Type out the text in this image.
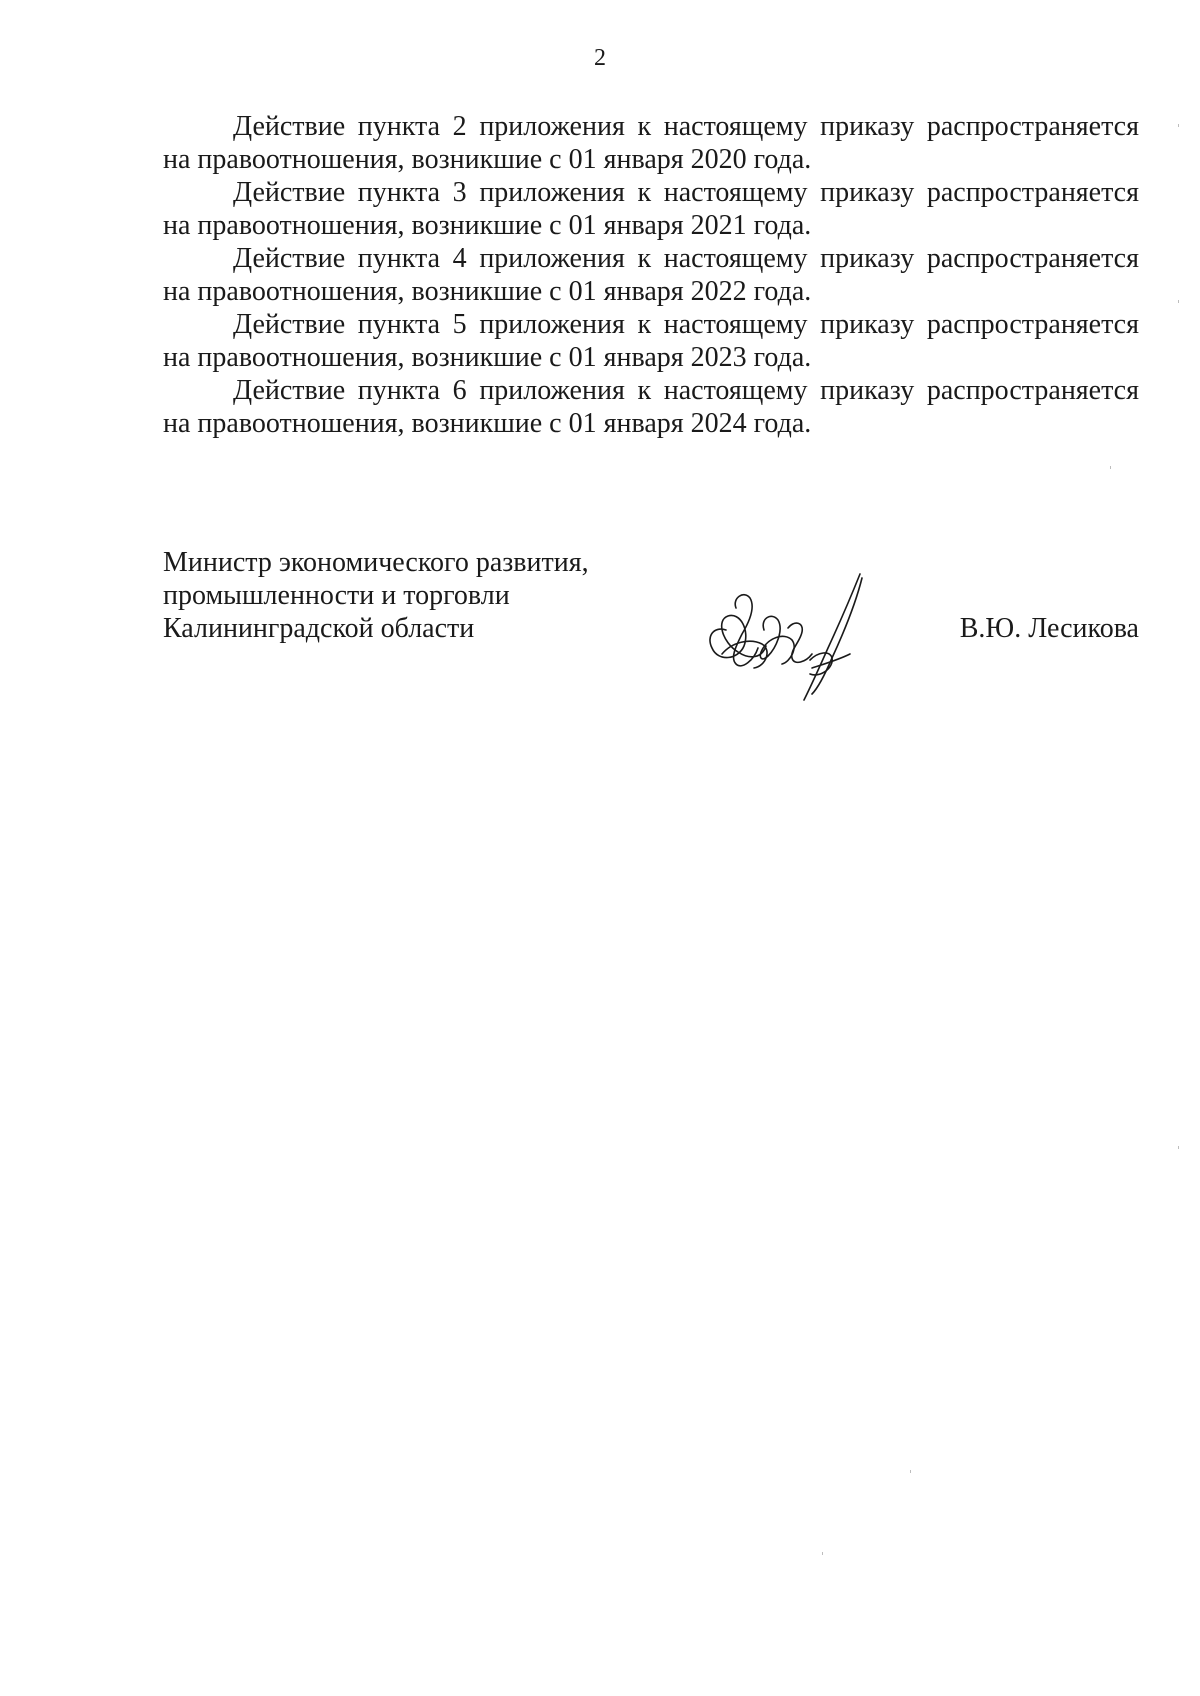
2

Действие пункта 2 приложения к настоящему приказу распространяется
на правоотношения, возникшие с 01 января 2020 года.

Действие пункта 3 приложения к настоящему приказу распространяется
на правоотношения, возникшие с 01 января 2021 года.

Действие пункта 4 приложения к настоящему приказу распространяется
на правоотношения, возникшие с 01 января 2022 года.

Действие пункта 5 приложения к настоящему приказу распространяется
на правоотношения, возникшие с 01 января 2023 года.

Действие пункта 6 приложения к настоящему приказу распространяется
на правоотношения, возникшие с 01 января 2024 года.

Министр экономического развития,
промышленности и торговли
Калининградской области	В.Ю. Лесикова
